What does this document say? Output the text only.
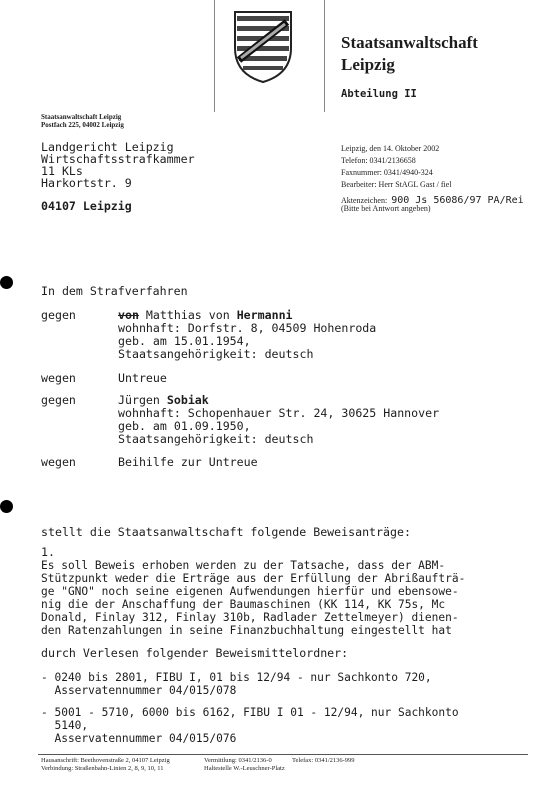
Staatsanwaltschaft
Leipzig
Abteilung II
Staatsanwaltschaft Leipzig
Postfach 225, 04002 Leipzig
Landgericht Leipzig
Wirtschaftsstrafkammer
11 KLs
Harkortstr. 9
04107 Leipzig
Leipzig, den 14. Oktober 2002
Telefon: 0341/2136658
Faxnummer: 0341/4940-324
Bearbeiter: Herr StAGL Gast / fiel
Aktenzeichen: 900 Js 56086/97 PA/Rei
(Bitte bei Antwort angeben)
In dem Strafverfahren
gegen	von Matthias von Hermanni
wohnhaft: Dorfstr. 8, 04509 Hohenroda
geb. am 15.01.1954,
Staatsangehörigkeit: deutsch
wegen	Untreue
gegen	Jürgen Sobiak
wohnhaft: Schopenhauer Str. 24, 30625 Hannover
geb. am 01.09.1950,
Staatsangehörigkeit: deutsch
wegen	Beihilfe zur Untreue
stellt die Staatsanwaltschaft folgende Beweisanträge:
1.
Es soll Beweis erhoben werden zu der Tatsache, dass der ABM-
Stützpunkt weder die Erträge aus der Erfüllung der Abrißaufträ-
ge "GNO" noch seine eigenen Aufwendungen hierfür und ebensowe-
nig die der Anschaffung der Baumaschinen (KK 114, KK 75s, Mc
Donald, Finlay 312, Finlay 310b, Radlader Zettelmeyer) dienen-
den Ratenzahlungen in seine Finanzbuchhaltung eingestellt hat
durch Verlesen folgender Beweismittelordner:
- 0240 bis 2801, FIBU I, 01 bis 12/94 - nur Sachkonto 720,
Asservatennummer 04/015/078
- 5001 - 5710, 6000 bis 6162, FIBU I 01 - 12/94, nur Sachkonto
5140,
Asservatennummer 04/015/076
Hausanschrift: Beethovenstraße 2, 04107 Leipzig
Verbindung: Straßenbahn-Linien 2, 8, 9, 10, 11
Vermittlung: 0341/2136-0
Haltestelle W.-Leuschner-Platz
Telefax: 0341/2136-999
